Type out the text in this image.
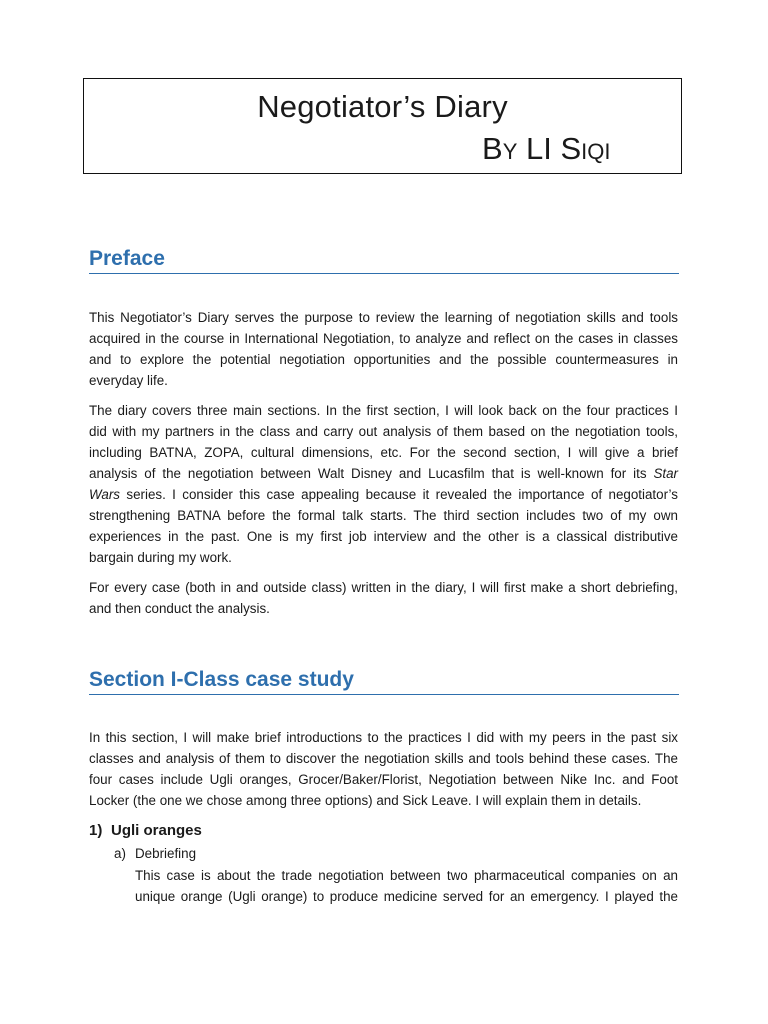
Negotiator’s Diary
BY LI SIQI
Preface
This Negotiator’s Diary serves the purpose to review the learning of negotiation skills and tools
acquired in the course in International Negotiation, to analyze and reflect on the cases in classes
and to explore the potential negotiation opportunities and the possible countermeasures in
everyday life.
The diary covers three main sections. In the first section, I will look back on the four practices I
did with my partners in the class and carry out analysis of them based on the negotiation tools,
including BATNA, ZOPA, cultural dimensions, etc. For the second section, I will give a brief
analysis of the negotiation between Walt Disney and Lucasfilm that is well-known for its Star
Wars series. I consider this case appealing because it revealed the importance of negotiator’s
strengthening BATNA before the formal talk starts. The third section includes two of my own
experiences in the past. One is my first job interview and the other is a classical distributive
bargain during my work.
For every case (both in and outside class) written in the diary, I will first make a short debriefing,
and then conduct the analysis.
Section I-Class case study
In this section, I will make brief introductions to the practices I did with my peers in the past six
classes and analysis of them to discover the negotiation skills and tools behind these cases. The
four cases include Ugli oranges, Grocer/Baker/Florist, Negotiation between Nike Inc. and Foot
Locker (the one we chose among three options) and Sick Leave. I will explain them in details.
1) Ugli oranges
a) Debriefing
This case is about the trade negotiation between two pharmaceutical companies on an
unique orange (Ugli orange) to produce medicine served for an emergency. I played the
